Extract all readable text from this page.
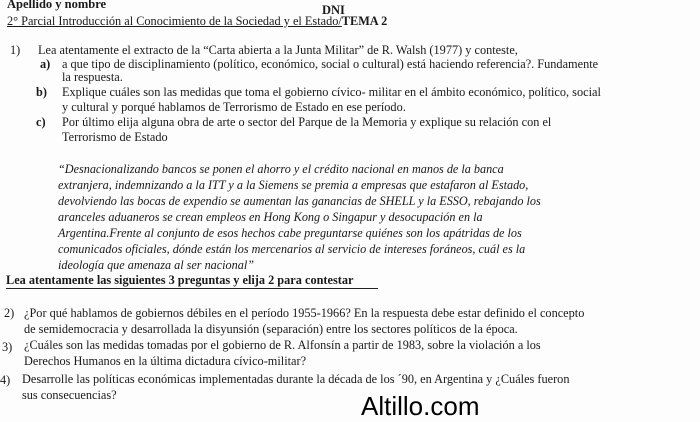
Apellido y nombre	DNI
2° Parcial Introducción al Conocimiento de la Sociedad y el Estado/TEMA 2
1) Lea atentamente el extracto de la “Carta abierta a la Junta Militar” de R. Walsh (1977) y conteste,
a) a que tipo de disciplinamiento (político, económico, social o cultural) está haciendo referencia?. Fundamente
la respuesta.
b) Explique cuáles son las medidas que toma el gobierno cívico- militar en el ámbito económico, político, social
y cultural y porqué hablamos de Terrorismo de Estado en ese período.
c) Por último elija alguna obra de arte o sector del Parque de la Memoria y explique su relación con el
Terrorismo de Estado
“Desnacionalizando bancos se ponen el ahorro y el crédito nacional en manos de la banca
extranjera, indemnizando a la ITT y a la Siemens se premia a empresas que estafaron al Estado,
devolviendo las bocas de expendio se aumentan las ganancias de SHELL y la ESSO, rebajando los
aranceles aduaneros se crean empleos en Hong Kong o Singapur y desocupación en la
Argentina.Frente al conjunto de esos hechos cabe preguntarse quiénes son los apátridas de los
comunicados oficiales, dónde están los mercenarios al servicio de intereses foráneos, cuál es la
ideología que amenaza al ser nacional”
Lea atentamente las siguientes 3 preguntas y elija 2 para contestar
2) ¿Por qué hablamos de gobiernos débiles en el período 1955-1966? En la respuesta debe estar definido el concepto
de semidemocracia y desarrollada la disyunsión (separación) entre los sectores políticos de la época.
3) ¿Cuáles son las medidas tomadas por el gobierno de R. Alfonsín a partir de 1983, sobre la violación a los
Derechos Humanos en la última dictadura cívico-militar?
4) Desarrolle las políticas económicas implementadas durante la década de los ´90, en Argentina y ¿Cuáles fueron
sus consecuencias?	Altillo.com
